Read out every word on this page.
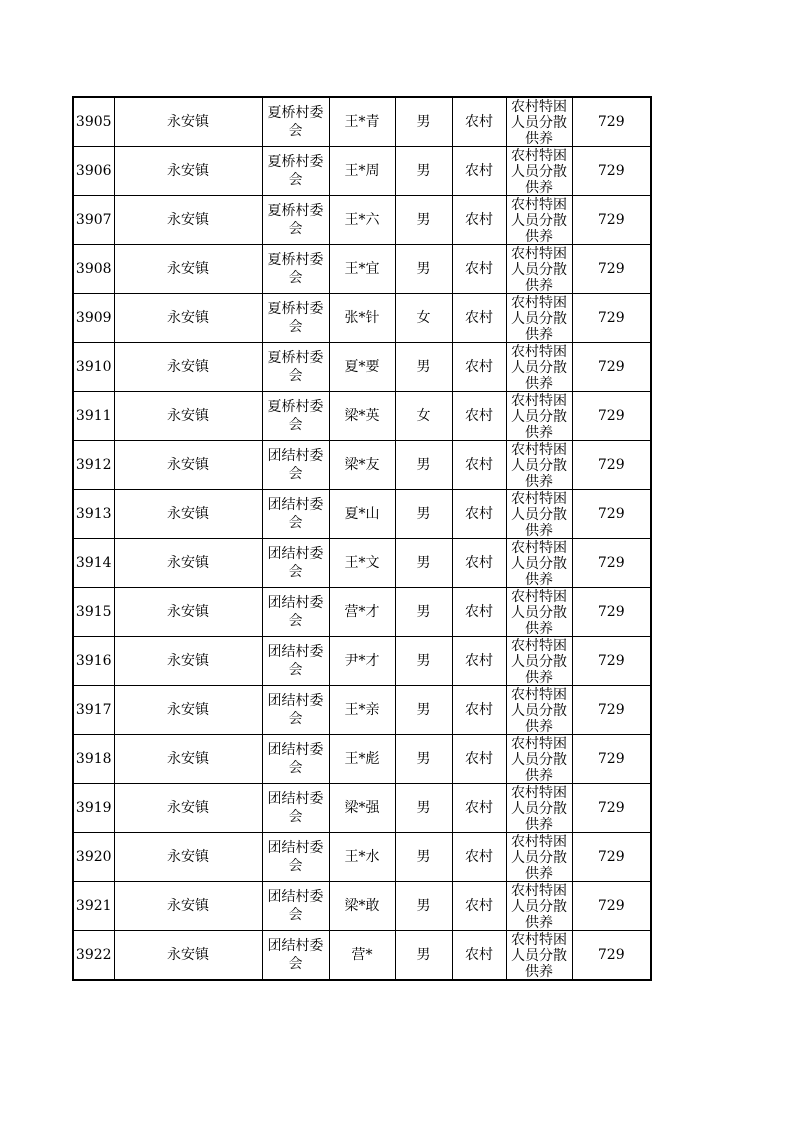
3905	永安镇	夏桥村委会	王*青	男	农村	农村特困人员分散供养	729
3906	永安镇	夏桥村委会	王*周	男	农村	农村特困人员分散供养	729
3907	永安镇	夏桥村委会	王*六	男	农村	农村特困人员分散供养	729
3908	永安镇	夏桥村委会	王*宜	男	农村	农村特困人员分散供养	729
3909	永安镇	夏桥村委会	张*针	女	农村	农村特困人员分散供养	729
3910	永安镇	夏桥村委会	夏*要	男	农村	农村特困人员分散供养	729
3911	永安镇	夏桥村委会	梁*英	女	农村	农村特困人员分散供养	729
3912	永安镇	团结村委会	梁*友	男	农村	农村特困人员分散供养	729
3913	永安镇	团结村委会	夏*山	男	农村	农村特困人员分散供养	729
3914	永安镇	团结村委会	王*文	男	农村	农村特困人员分散供养	729
3915	永安镇	团结村委会	营*才	男	农村	农村特困人员分散供养	729
3916	永安镇	团结村委会	尹*才	男	农村	农村特困人员分散供养	729
3917	永安镇	团结村委会	王*亲	男	农村	农村特困人员分散供养	729
3918	永安镇	团结村委会	王*彪	男	农村	农村特困人员分散供养	729
3919	永安镇	团结村委会	梁*强	男	农村	农村特困人员分散供养	729
3920	永安镇	团结村委会	王*水	男	农村	农村特困人员分散供养	729
3921	永安镇	团结村委会	梁*敢	男	农村	农村特困人员分散供养	729
3922	永安镇	团结村委会	营*	男	农村	农村特困人员分散供养	729
